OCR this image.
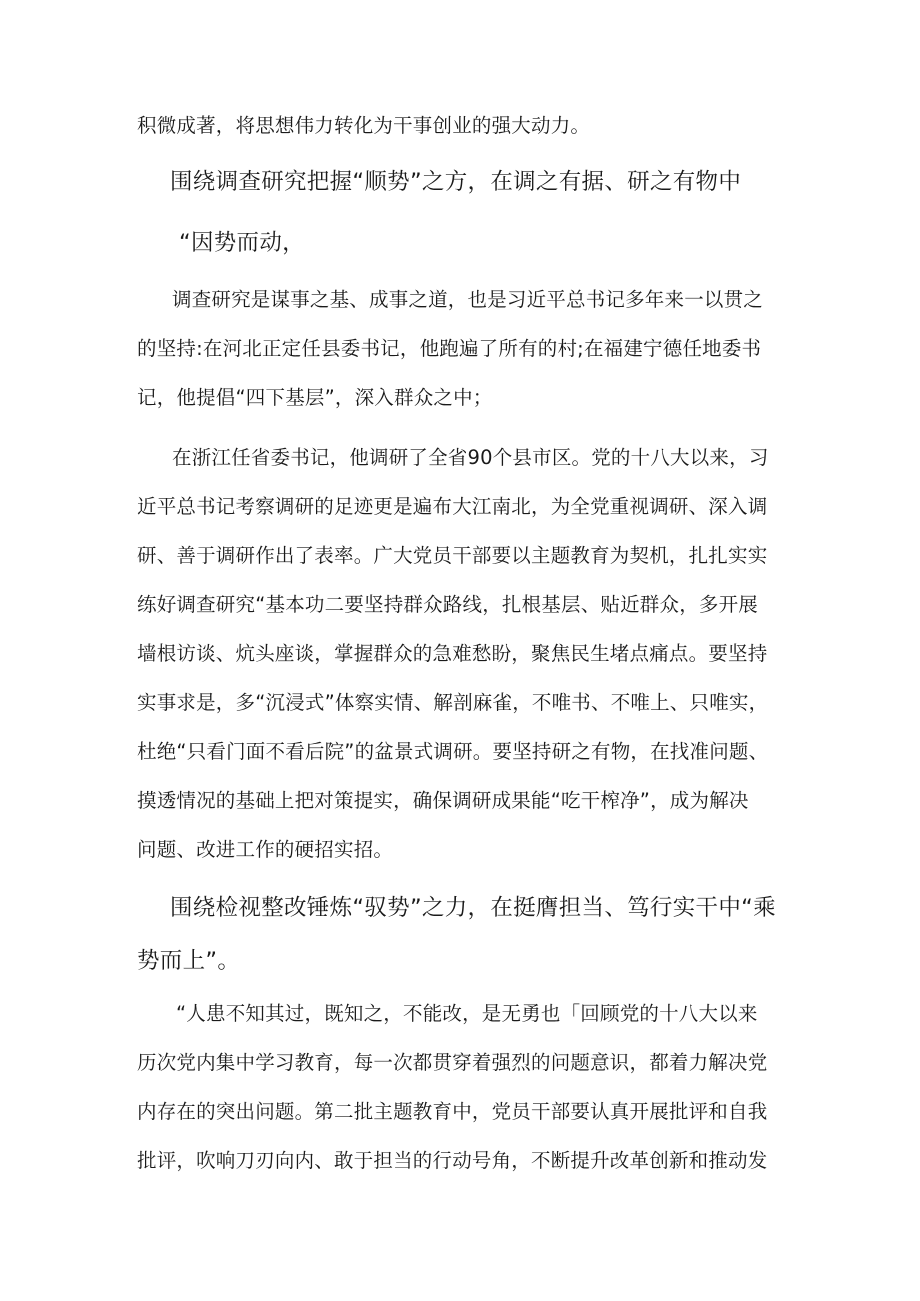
积微成著，将思想伟力转化为干事创业的强大动力。
围绕调查研究把握“顺势”之方，在调之有据、研之有物中
“因势而动，
调查研究是谋事之基、成事之道，也是习近平总书记多年来一以贯之
的坚持:在河北正定任县委书记，他跑遍了所有的村;在福建宁德任地委书
记，他提倡“四下基层”，深入群众之中；
在浙江任省委书记，他调研了全省90个县市区。党的十八大以来，习
近平总书记考察调研的足迹更是遍布大江南北，为全党重视调研、深入调
研、善于调研作出了表率。广大党员干部要以主题教育为契机，扎扎实实
练好调查研究“基本功二要坚持群众路线，扎根基层、贴近群众，多开展
墙根访谈、炕头座谈，掌握群众的急难愁盼，聚焦民生堵点痛点。要坚持
实事求是，多“沉浸式”体察实情、解剖麻雀，不唯书、不唯上、只唯实，
杜绝“只看门面不看后院”的盆景式调研。要坚持研之有物，在找准问题、
摸透情况的基础上把对策提实，确保调研成果能“吃干榨净”，成为解决
问题、改进工作的硬招实招。
围绕检视整改锤炼“驭势”之力，在挺膺担当、笃行实干中“乘
势而上”。
“人患不知其过，既知之，不能改，是无勇也「回顾党的十八大以来
历次党内集中学习教育，每一次都贯穿着强烈的问题意识，都着力解决党
内存在的突出问题。第二批主题教育中，党员干部要认真开展批评和自我
批评，吹响刀刃向内、敢于担当的行动号角，不断提升改革创新和推动发
